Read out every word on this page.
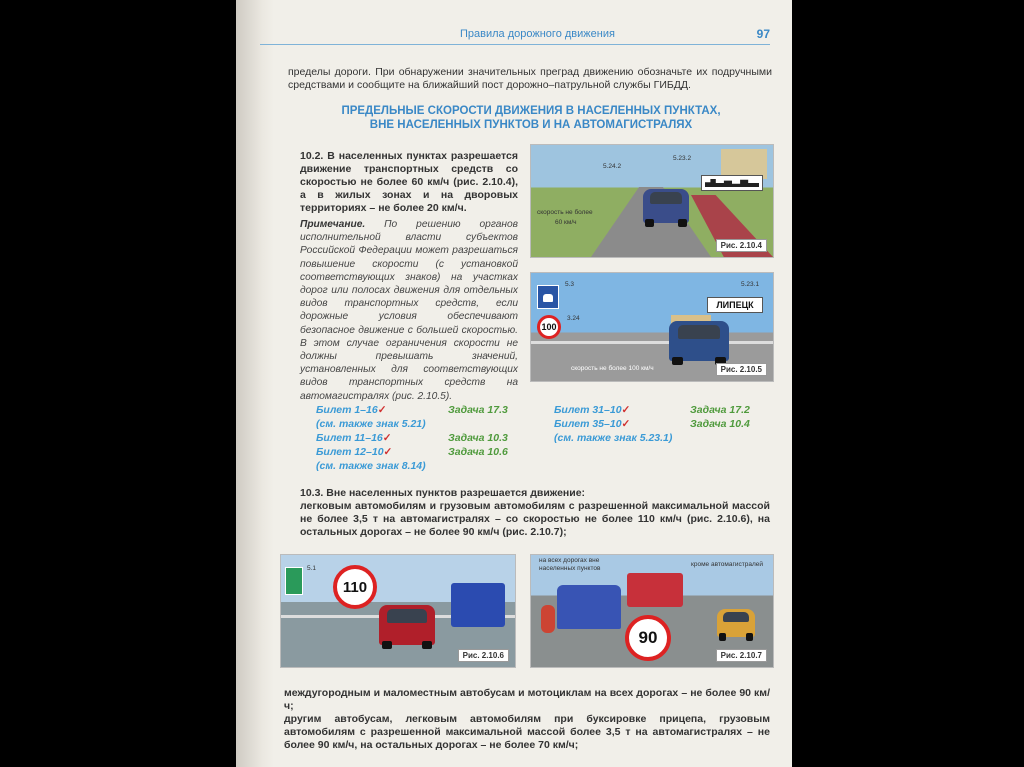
Правила дорожного движения	97
пределы дороги. При обнаружении значительных преград движению обозначьте их подручными средствами и сообщите на ближайший пост дорожно–патрульной службы ГИБДД.
ПРЕДЕЛЬНЫЕ СКОРОСТИ ДВИЖЕНИЯ В НАСЕЛЕННЫХ ПУНКТАХ,
ВНЕ НАСЕЛЕННЫХ ПУНКТОВ И НА АВТОМАГИСТРАЛЯХ
10.2. В населенных пунктах разрешается движение транспортных средств со скоростью не более 60 км/ч (рис. 2.10.4), а в жилых зонах и на дворовых территориях – не более 20 км/ч.
Примечание. По решению органов исполнительной власти субъектов Российской Федерации может разрешаться повышение скорости (с установкой соответствующих знаков) на участках дорог или полосах движения для отдельных видов транспортных средств, если дорожные условия обеспечивают безопасное движение с большей скоростью. В этом случае ограничения скорости не должны превышать значений, установленных для соответствующих видов транспортных средств на автомагистралях (рис. 2.10.5).
Билет 1–16✓	Задача 17.3
(см. также знак 5.21)
Билет 11–16✓	Задача 10.3
Билет 12–10✓	Задача 10.6
(см. также знак 8.14)
Билет 31–10✓	Задача 17.2
Билет 35–10✓	Задача 10.4
(см. также знак 5.23.1)
5.24.2
5.23.2
скорость не более
60 км/ч
Рис. 2.10.4
100
ЛИПЕЦК
5.3
3.24
5.23.1
скорость не более 100 км/ч	Рис. 2.10.5
10.3. Вне населенных пунктов разрешается движение:
легковым автомобилям и грузовым автомобилям с разрешенной максимальной массой не более 3,5 т на автомагистралях – со скоростью не более 110 км/ч (рис. 2.10.6), на остальных дорогах – не более 90 км/ч (рис. 2.10.7);
110
5.1
Рис. 2.10.6
90
на всех дорогах вне населенных пунктов
кроме автомагистралей
Рис. 2.10.7
междугородным и маломестным автобусам и мотоциклам на всех дорогах – не более 90 км/ч;
другим автобусам, легковым автомобилям при буксировке прицепа, грузовым автомобилям с разрешенной максимальной массой более 3,5 т на автомагистралях – не более 90 км/ч, на остальных дорогах – не более 70 км/ч;
